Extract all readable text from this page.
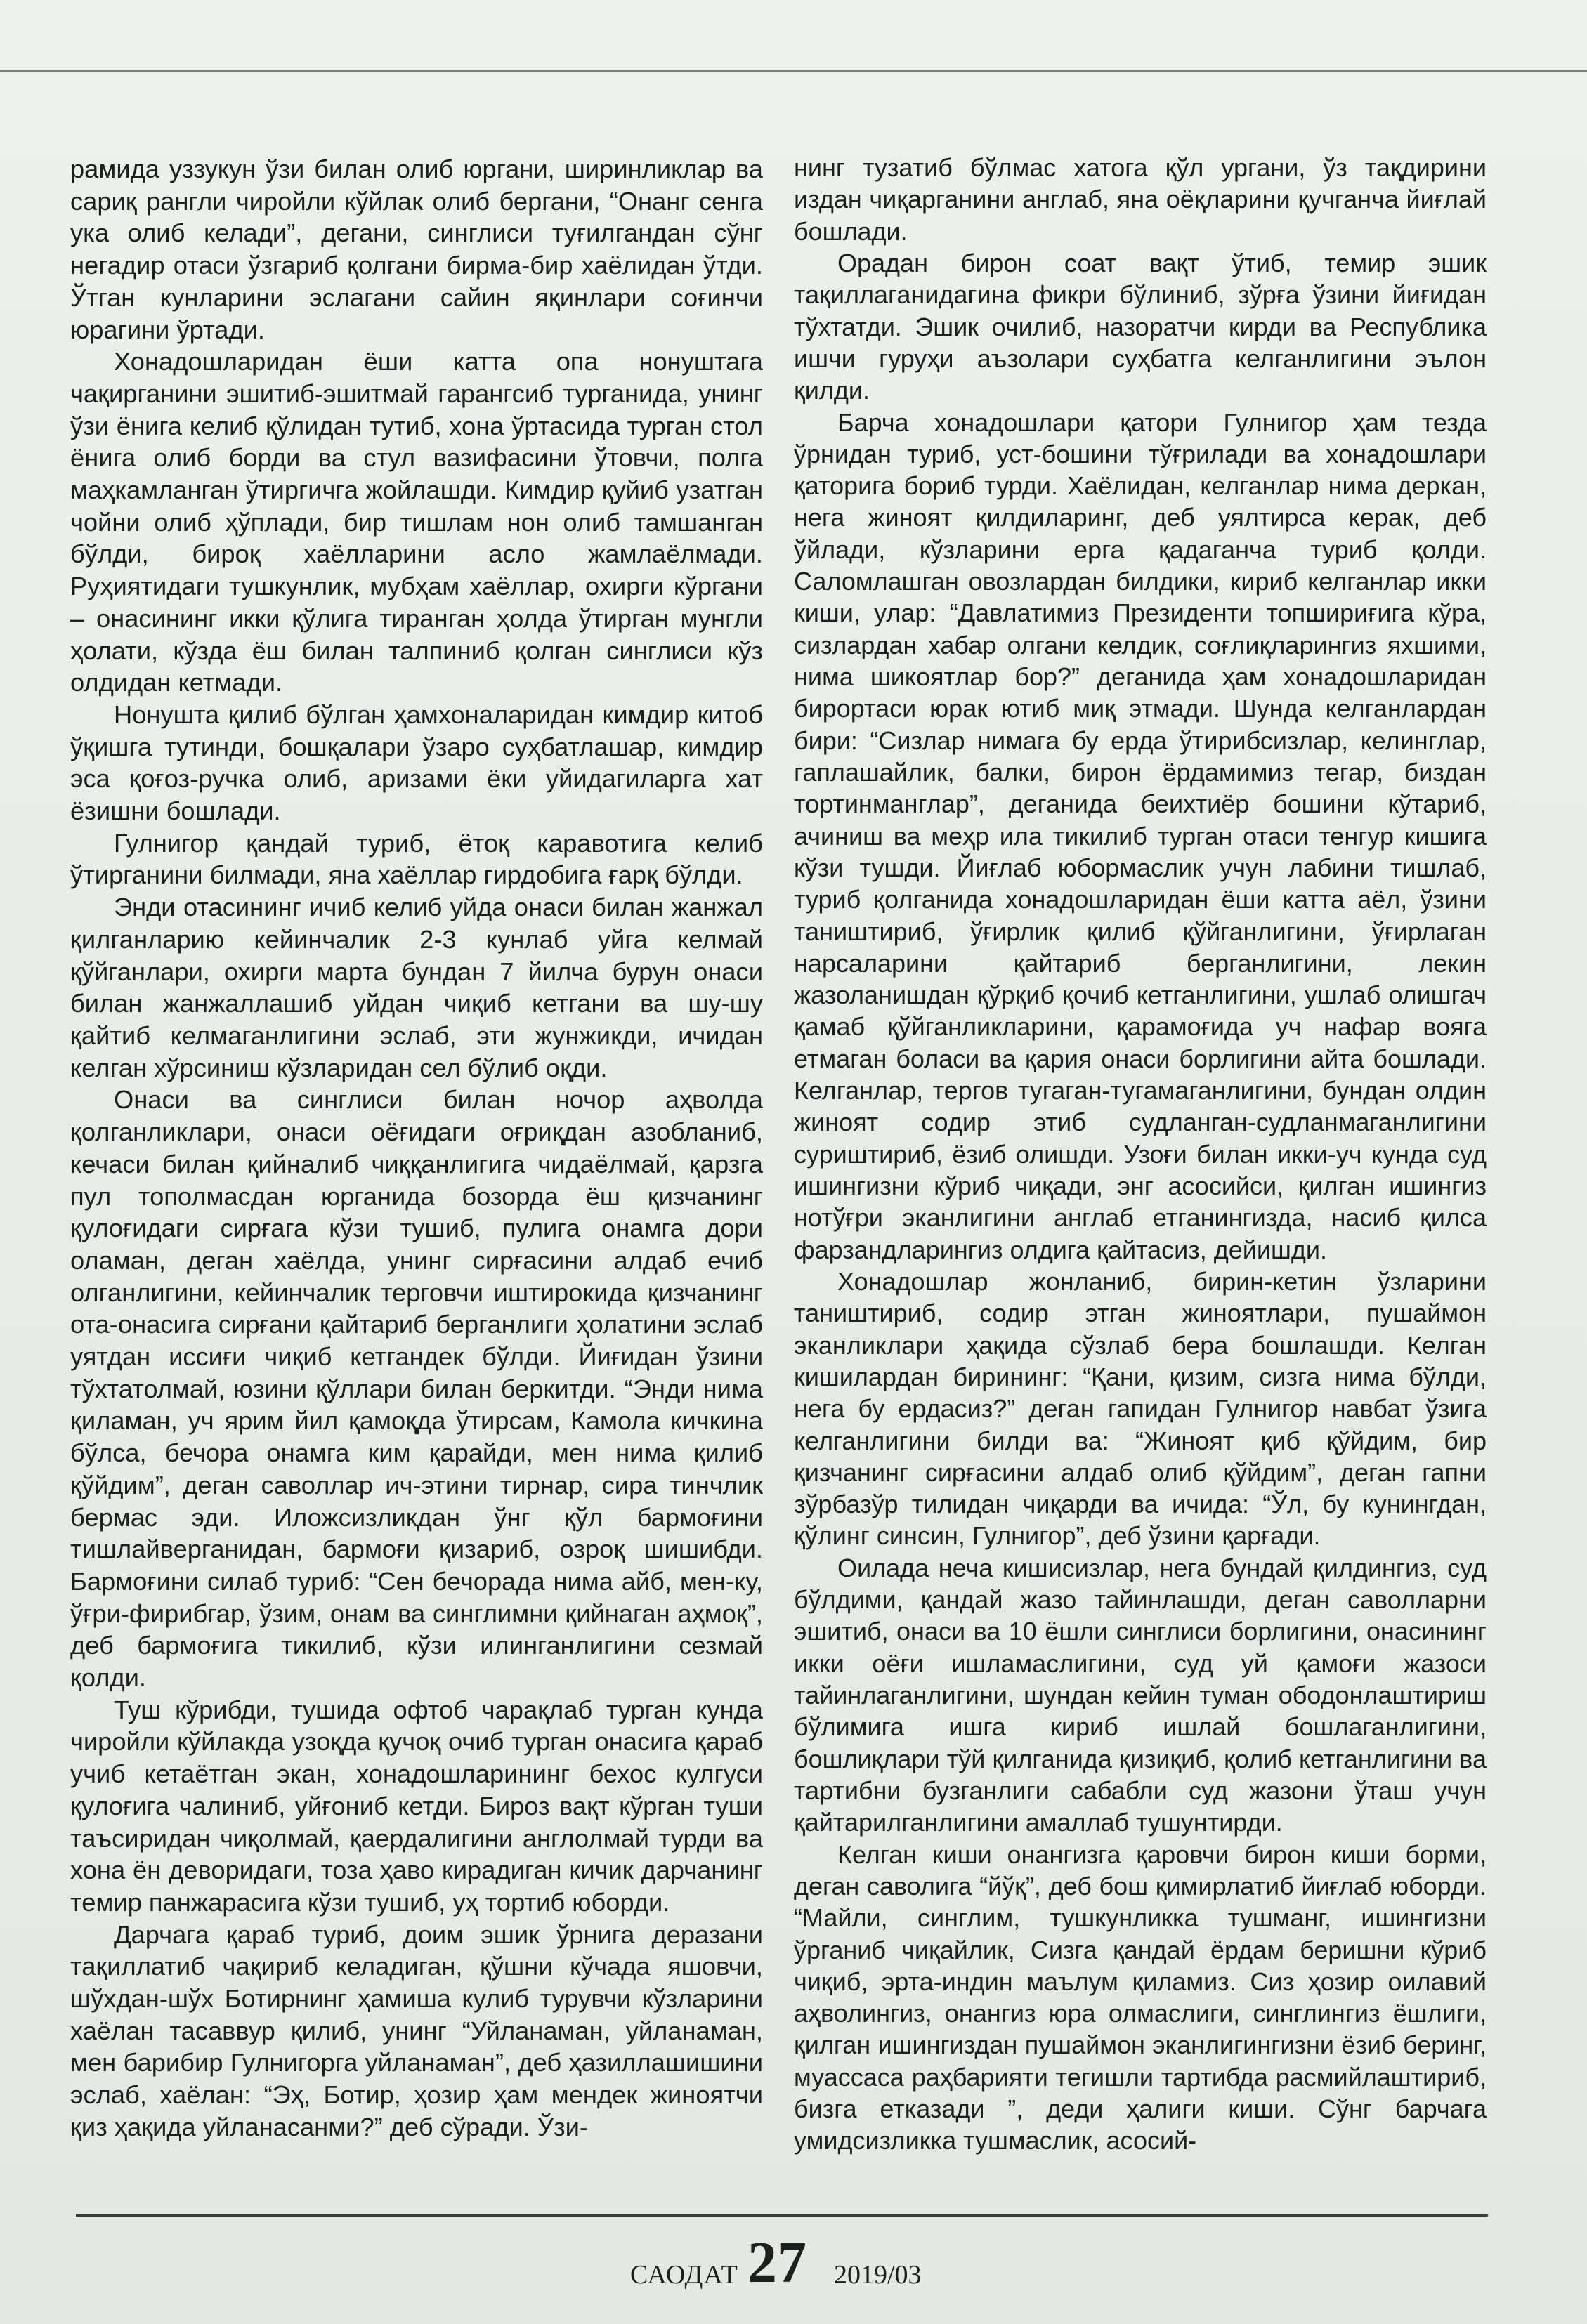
рамида уззукун ўзи билан олиб юргани, ширинликлар ва сариқ рангли чиройли кўйлак олиб бергани, “Онанг сенга ука олиб келади”, дегани, синглиси туғилгандан сўнг негадир отаси ўзгариб қолгани бирма-бир хаёлидан ўтди. Ўтган кунларини эслагани сайин яқинлари соғинчи юрагини ўртади.

Хонадошларидан ёши катта опа нонуштага чақирганини эшитиб-эшитмай гарангсиб турганида, унинг ўзи ёнига келиб қўлидан тутиб, хона ўртасида турган стол ёнига олиб борди ва стул вазифасини ўтовчи, полга маҳкамланган ўтиргичга жойлашди. Кимдир қуйиб узатган чойни олиб ҳўплади, бир тишлам нон олиб тамшанган бўлди, бироқ хаёлларини асло жамлаёлмади. Руҳиятидаги тушкунлик, мубҳам хаёллар, охирги кўргани – онасининг икки қўлига тиранган ҳолда ўтирган мунгли ҳолати, кўзда ёш билан талпиниб қолган синглиси кўз олдидан кетмади.

Нонушта қилиб бўлган ҳамхоналаридан кимдир китоб ўқишга тутинди, бошқалари ўзаро суҳбатлашар, кимдир эса қоғоз-ручка олиб, аризами ёки уйидагиларга хат ёзишни бошлади.

Гулнигор қандай туриб, ётоқ каравотига келиб ўтирганини билмади, яна хаёллар гирдобига ғарқ бўлди.

Энди отасининг ичиб келиб уйда онаси билан жанжал қилганларию кейинчалик 2-3 кунлаб уйга келмай қўйганлари, охирги марта бундан 7 йилча бурун онаси билан жанжаллашиб уйдан чиқиб кетгани ва шу-шу қайтиб келмаганлигини эслаб, эти жунжикди, ичидан келган хўрсиниш кўзларидан сел бўлиб оқди.

Онаси ва синглиси билан ночор аҳволда қолганликлари, онаси оёғидаги оғриқдан азобланиб, кечаси билан қийналиб чиққанлигига чидаёлмай, қарзга пул тополмасдан юрганида бозорда ёш қизчанинг қулоғидаги сирғага кўзи тушиб, пулига онамга дори оламан, деган хаёлда, унинг сирғасини алдаб ечиб олганлигини, кейинчалик терговчи иштирокида қизчанинг ота-онасига сирғани қайтариб берганлиги ҳолатини эслаб уятдан иссиғи чиқиб кетгандек бўлди. Йиғидан ўзини тўхтатолмай, юзини қўллари билан беркитди. “Энди нима қиламан, уч ярим йил қамоқда ўтирсам, Камола кичкина бўлса, бечора онамга ким қарайди, мен нима қилиб қўйдим”, деган саволлар ич-этини тирнар, сира тинчлик бермас эди. Иложсизликдан ўнг қўл бармоғини тишлайверганидан, бармоғи қизариб, озроқ шишибди. Бармоғини силаб туриб: “Сен бечорада нима айб, мен-ку, ўғри-фирибгар, ўзим, онам ва синглимни қийнаган аҳмоқ”, деб бармоғига тикилиб, кўзи илинганлигини сезмай қолди.

Туш кўрибди, тушида офтоб чарақлаб турган кунда чиройли кўйлакда узоқда қучоқ очиб турган онасига қараб учиб кетаётган экан, хонадошларининг бехос кулгуси қулоғига чалиниб, уйғониб кетди. Бироз вақт кўрган туши таъсиридан чиқолмай, қаердалигини англолмай турди ва хона ён деворидаги, тоза ҳаво кирадиган кичик дарчанинг темир панжарасига кўзи тушиб, уҳ тортиб юборди.

Дарчага қараб туриб, доим эшик ўрнига деразани тақиллатиб чақириб келадиган, қўшни кўчада яшовчи, шўхдан-шўх Ботирнинг ҳамиша кулиб турувчи кўзларини хаёлан тасаввур қилиб, унинг “Уйланаман, уйланаман, мен барибир Гулнигорга уйланаман”, деб ҳазиллашишини эслаб, хаёлан: “Эҳ, Ботир, ҳозир ҳам мендек жиноятчи қиз ҳақида уйланасанми?” деб сўради. Ўзи-

нинг тузатиб бўлмас хатога қўл ургани, ўз тақдирини издан чиқарганини англаб, яна оёқларини қучганча йиғлай бошлади.

Орадан бирон соат вақт ўтиб, темир эшик тақиллаганидагина фикри бўлиниб, зўрға ўзини йиғидан тўхтатди. Эшик очилиб, назоратчи кирди ва Республика ишчи гуруҳи аъзолари суҳбатга келганлигини эълон қилди.

Барча хонадошлари қатори Гулнигор ҳам тезда ўрнидан туриб, уст-бошини тўғрилади ва хонадошлари қаторига бориб турди. Хаёлидан, келганлар нима деркан, нега жиноят қилдиларинг, деб уялтирса керак, деб ўйлади, кўзларини ерга қадаганча туриб қолди. Саломлашган овозлардан билдики, кириб келганлар икки киши, улар: “Давлатимиз Президенти топшириғига кўра, сизлардан хабар олгани келдик, соғлиқларингиз яхшими, нима шикоятлар бор?” деганида ҳам хонадошларидан бирортаси юрак ютиб миқ этмади. Шунда келганлардан бири: “Сизлар нимага бу ерда ўтирибсизлар, келинглар, гаплашайлик, балки, бирон ёрдамимиз тегар, биздан тортинманглар”, деганида беихтиёр бошини кўтариб, ачиниш ва меҳр ила тикилиб турган отаси тенгур кишига кўзи тушди. Йиғлаб юбормаслик учун лабини тишлаб, туриб қолганида хонадошларидан ёши катта аёл, ўзини таништириб, ўғирлик қилиб қўйганлигини, ўғирлаган нарсаларини қайтариб берганлигини, лекин жазоланишдан қўрқиб қочиб кетганлигини, ушлаб олишгач қамаб қўйганликларини, қарамоғида уч нафар вояга етмаган боласи ва қария онаси борлигини айта бошлади. Келганлар, тергов тугаган-тугамаганлигини, бундан олдин жиноят содир этиб судланган-судланмаганлигини суриштириб, ёзиб олишди. Узоғи билан икки-уч кунда суд ишингизни кўриб чиқади, энг асосийси, қилган ишингиз нотўғри эканлигини англаб етганингизда, насиб қилса фарзандларингиз олдига қайтасиз, дейишди.

Хонадошлар жонланиб, бирин-кетин ўзларини таништириб, содир этган жиноятлари, пушаймон эканликлари ҳақида сўзлаб бера бошлашди. Келган кишилардан бирининг: “Қани, қизим, сизга нима бўлди, нега бу ердасиз?” деган гапидан Гулнигор навбат ўзига келганлигини билди ва: “Жиноят қиб қўйдим, бир қизчанинг сирғасини алдаб олиб қўйдим”, деган гапни зўрбазўр тилидан чиқарди ва ичида: “Ўл, бу кунингдан, қўлинг синсин, Гулнигор”, деб ўзини қарғади.

Оилада неча кишисизлар, нега бундай қилдингиз, суд бўлдими, қандай жазо тайинлашди, деган саволларни эшитиб, онаси ва 10 ёшли синглиси борлигини, онасининг икки оёғи ишламаслигини, суд уй қамоғи жазоси тайинлаганлигини, шундан кейин туман ободонлаштириш бўлимига ишга кириб ишлай бошлаганлигини, бошлиқлари тўй қилганида қизиқиб, қолиб кетганлигини ва тартибни бузганлиги сабабли суд жазони ўташ учун қайтарилганлигини амаллаб тушунтирди.

Келган киши онангизга қаровчи бирон киши борми, деган саволига “йўқ”, деб бош қимирлатиб йиғлаб юборди. “Майли, синглим, тушкунликка тушманг, ишингизни ўрганиб чиқайлик, Сизга қандай ёрдам беришни кўриб чиқиб, эрта-индин маълум қиламиз. Сиз ҳозир оилавий аҳволингиз, онангиз юра олмаслиги, синглингиз ёшлиги, қилган ишингиздан пушаймон эканлигингизни ёзиб беринг, муассаса раҳбарияти тегишли тартибда расмийлаштириб, бизга етказади ”, деди ҳалиги киши. Сўнг барчага умидсизликка тушмаслик, асосий-

САОДАТ 27 2019/03
